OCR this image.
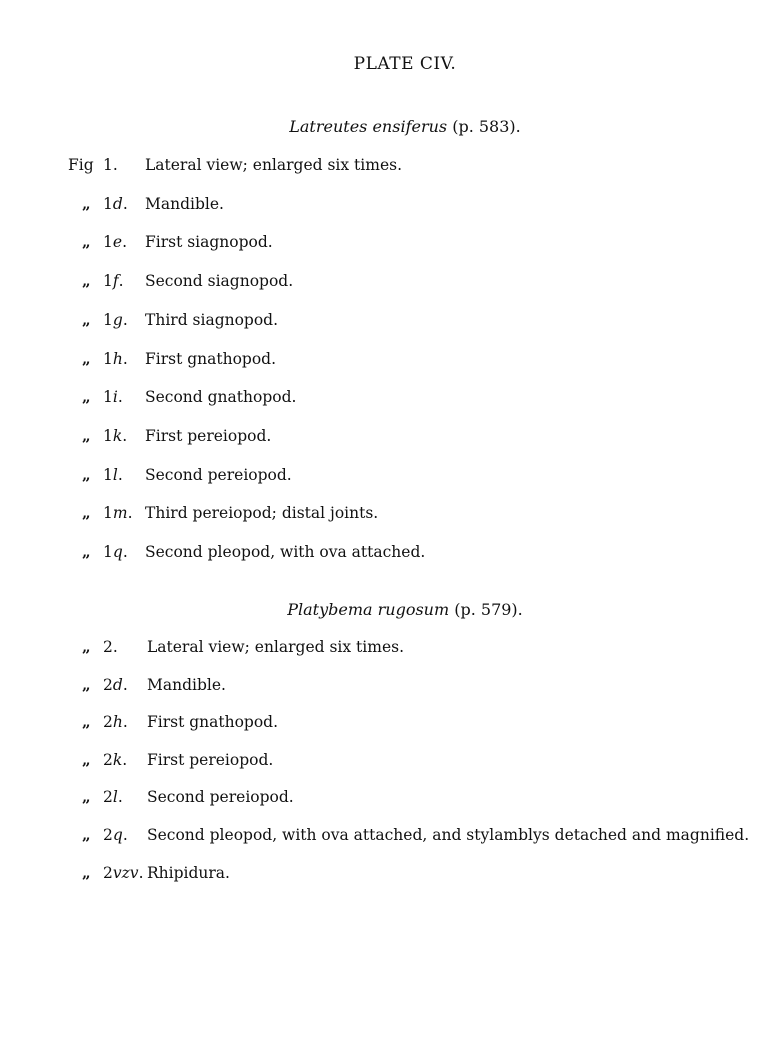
PLATE CIV.
Latreutes ensiferus (p. 583).
Fig 1. Lateral view; enlarged six times.
„ 1d. Mandible.
„ 1e. First siagnopod.
„ 1f. Second siagnopod.
„ 1g. Third siagnopod.
„ 1h. First gnathopod.
„ 1i. Second gnathopod.
„ 1k. First pereiopod.
„ 1l. Second pereiopod.
„ 1m. Third pereiopod; distal joints.
„ 1q. Second pleopod, with ova attached.
Platybema rugosum (p. 579).
„ 2. Lateral view; enlarged six times.
„ 2d. Mandible.
„ 2h. First gnathopod.
„ 2k. First pereiopod.
„ 2l. Second pereiopod.
„ 2q. Second pleopod, with ova attached, and stylamblys detached and magnified.
„ 2vzv. Rhipidura.
